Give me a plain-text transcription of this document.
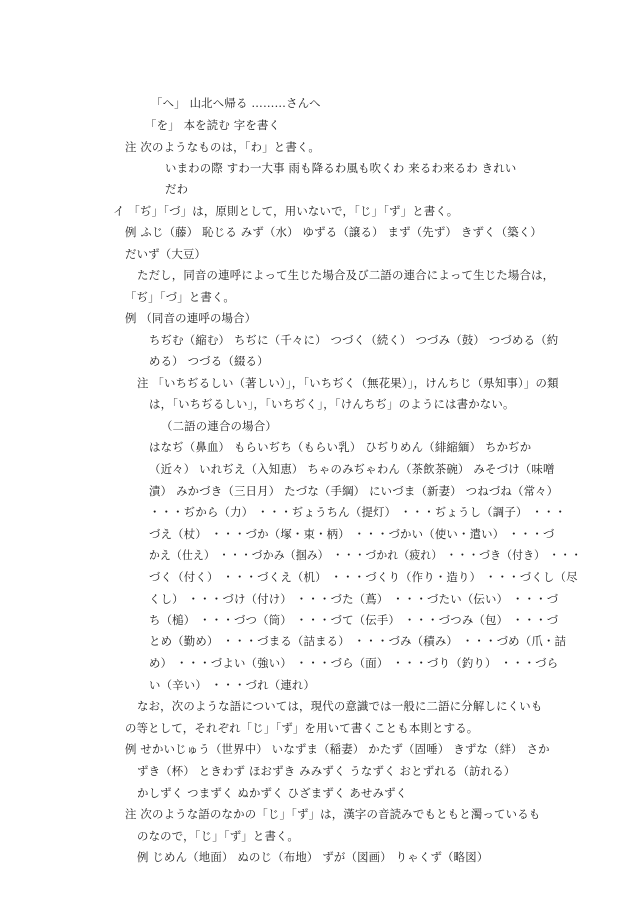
「へ」 山北へ帰る ………さんへ

「を」 本を読む 字を書く

注 次のようなものは，「わ」と書く。

いまわの際 すわ一大事 雨も降るわ風も吹くわ 来るわ来るわ きれい

だわ

イ 「ぢ」「づ」は，原則として，用いないで，「じ」「ず」と書く。

例 ふじ（藤） 恥じる みず（水） ゆずる（譲る） まず（先ず） きずく（築く）

だいず（大豆）

ただし，同音の連呼によって生じた場合及び二語の連合によって生じた場合は，

「ぢ」「づ」と書く。

例 （同音の連呼の場合）

ちぢむ（縮む） ちぢに（千々に） つづく（続く） つづみ（鼓） つづめる（約

める） つづる（綴る）

注 「いちぢるしい（著しい）」，「いちぢく（無花果）」，けんちじ（県知事）」の類

は，「いちぢるしい」，「いちぢく」，「けんちぢ」のようには書かない。

（二語の連合の場合）

はなぢ（鼻血） もらいぢち（もらい乳） ひぢりめん（緋縮緬） ちかぢか

（近々） いれぢえ（入知恵） ちゃのみぢゃわん（茶飲茶碗） みそづけ（味噌

漬） みかづき（三日月） たづな（手綱） にいづま（新妻） つねづね（常々）

・・・ぢから（力） ・・・ぢょうちん（提灯） ・・・ぢょうし（調子） ・・・

づえ（杖） ・・・づか（塚・束・柄） ・・・づかい（使い・遣い） ・・・づ

かえ（仕え） ・・・づかみ（掴み） ・・・づかれ（疲れ） ・・・づき（付き） ・・・

づく（付く） ・・・づくえ（机） ・・・づくり（作り・造り） ・・・づくし（尽

くし） ・・・づけ（付け） ・・・づた（蔦） ・・・づたい（伝い） ・・・づ

ち（槌） ・・・づつ（筒） ・・・づて（伝手） ・・・づつみ（包） ・・・づ

とめ（勤め） ・・・づまる（詰まる） ・・・づみ（積み） ・・・づめ（爪・詰

め） ・・・づよい（強い） ・・・づら（面） ・・・づり（釣り） ・・・づら

い（辛い） ・・・づれ（連れ）

なお，次のような語については，現代の意識では一般に二語に分解しにくいも

の等として，それぞれ「じ」「ず」を用いて書くことも本則とする。

例 せかいじゅう（世界中） いなずま（稲妻） かたず（固唾） きずな（絆） さか

ずき（杯） ときわず ほおずき みみずく うなずく おとずれる（訪れる）

かしずく つまずく ぬかずく ひざまずく あせみずく

注 次のような語のなかの「じ」「ず」は，漢字の音読みでもともと濁っているも

のなので，「じ」「ず」と書く。

例 じめん（地面） ぬのじ（布地） ずが（図画） りゃくず（略図）
